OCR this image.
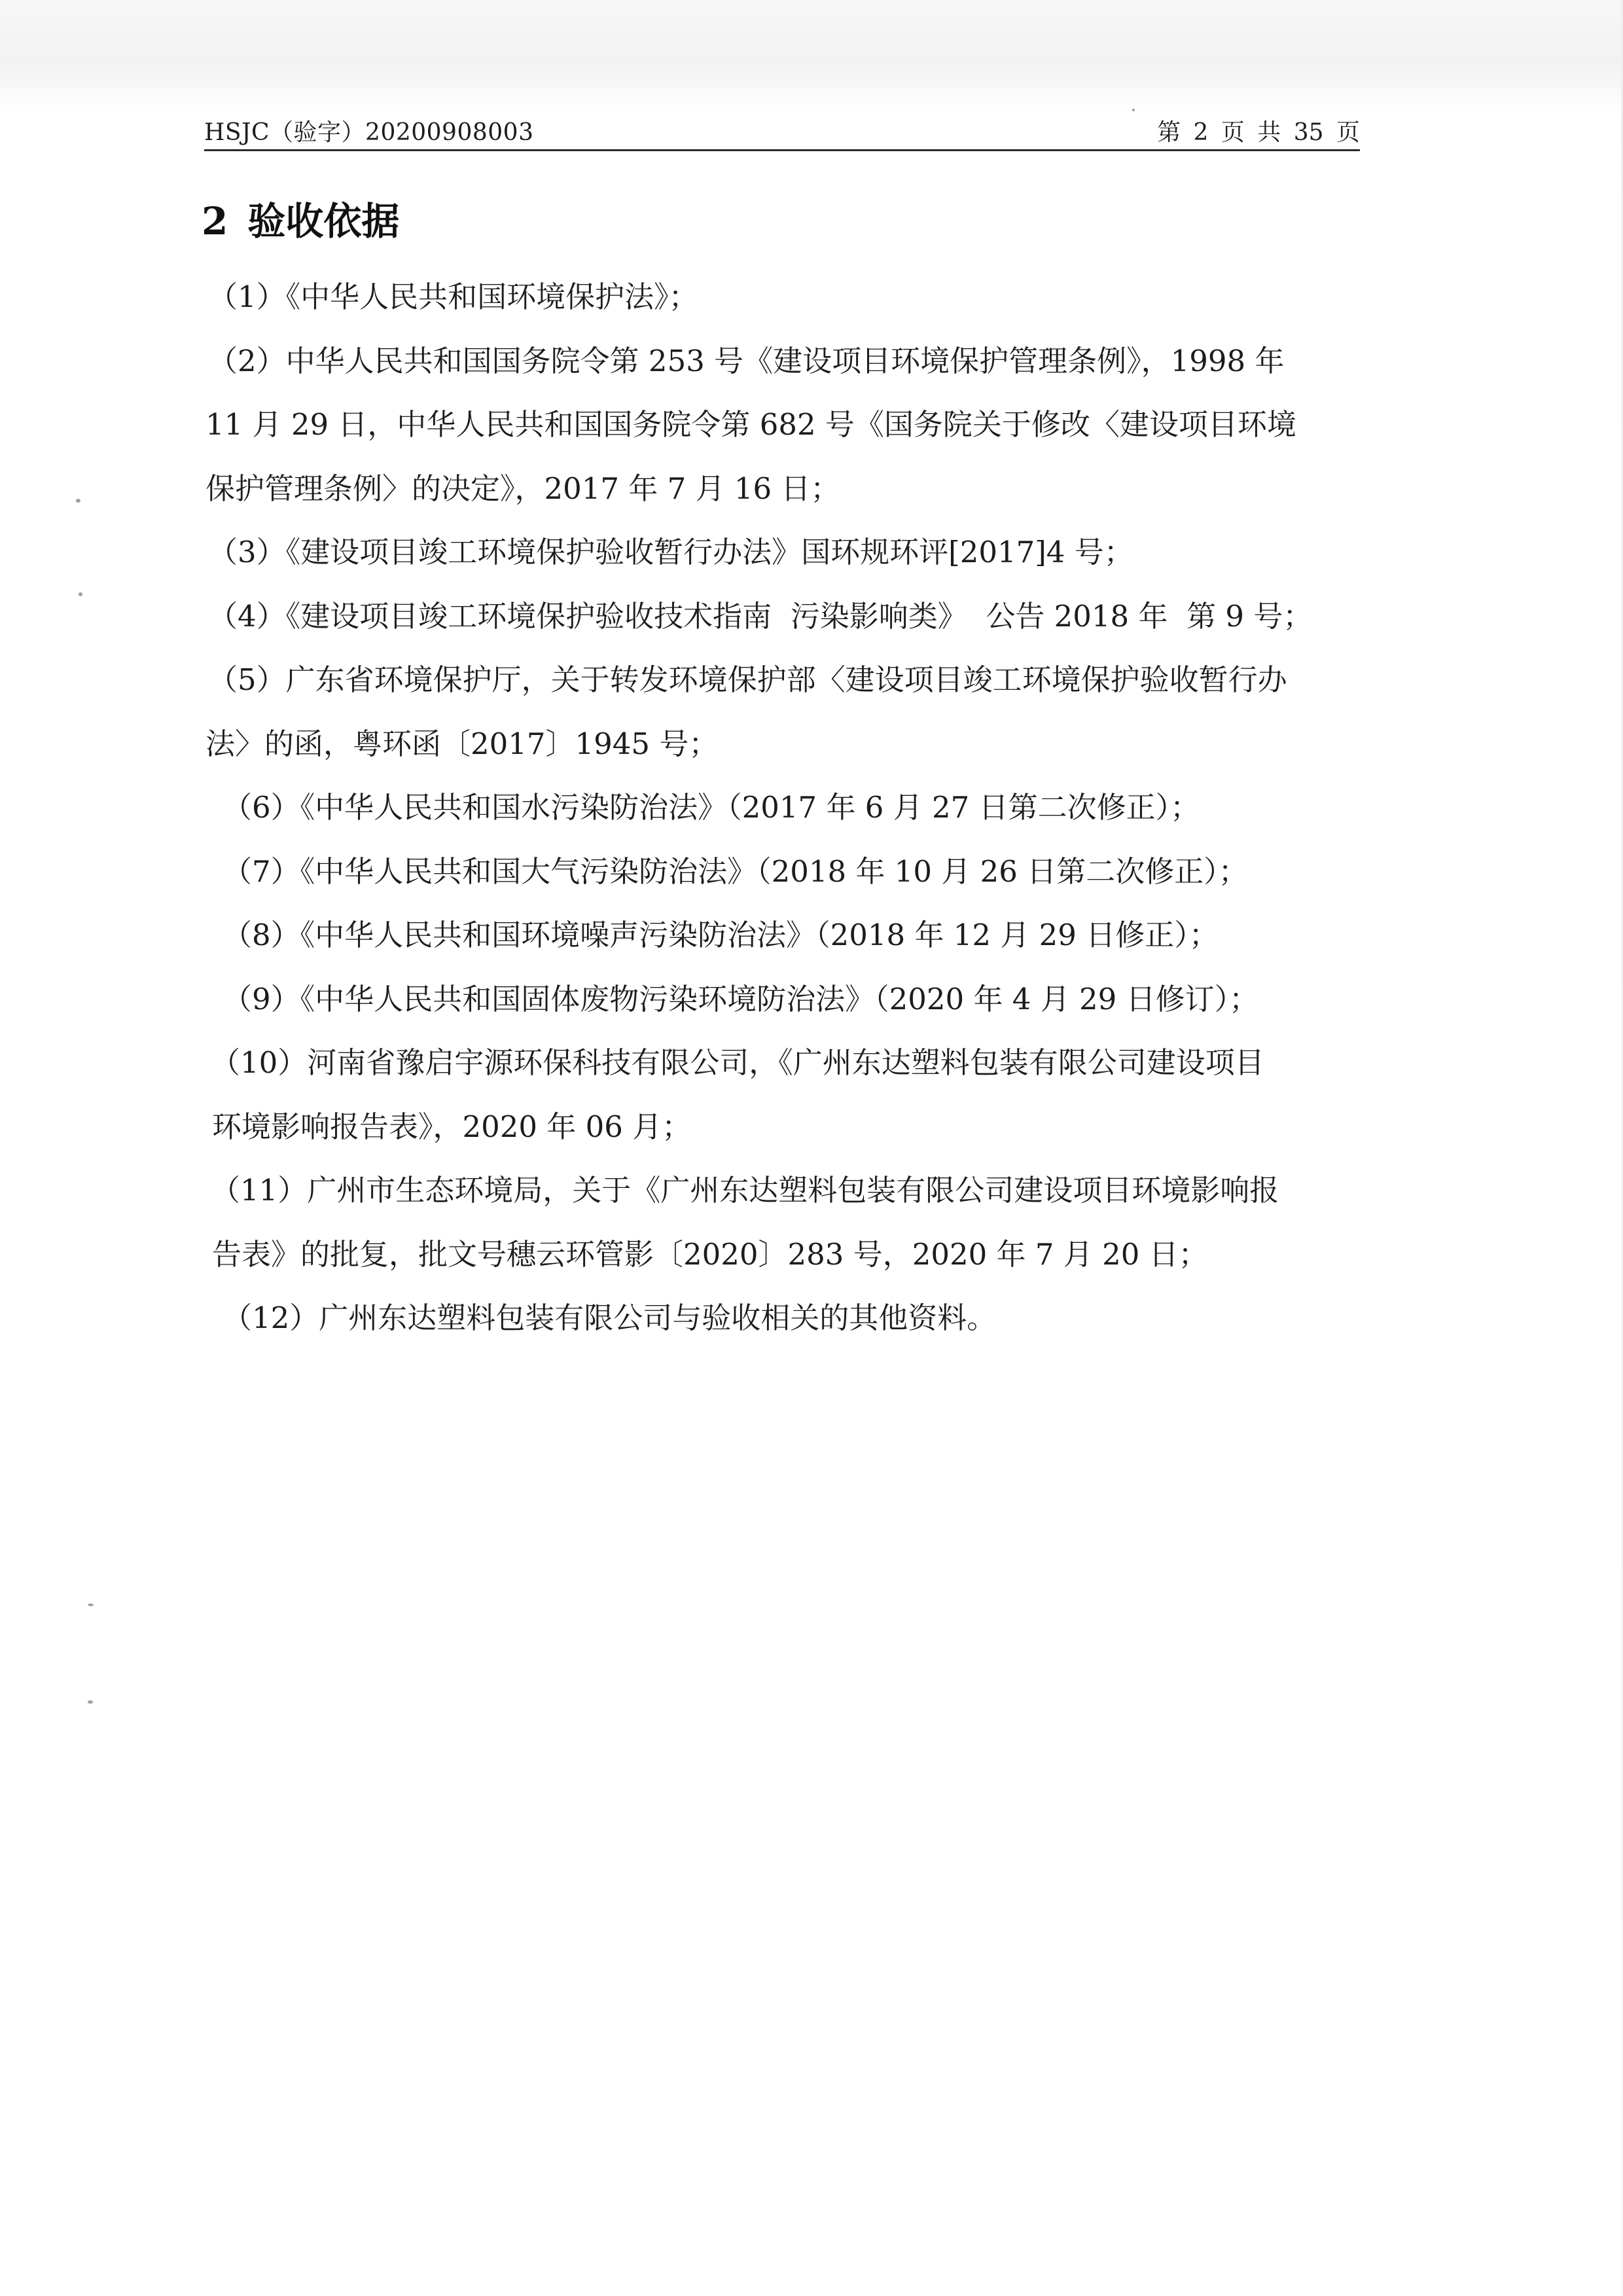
HSJC（验字）20200908003	第 2 页 共 35 页
2 验收依据
（1）《中华人民共和国环境保护法》；
（2）中华人民共和国国务院令第 253 号《建设项目环境保护管理条例》，1998 年
11 月 29 日，中华人民共和国国务院令第 682 号《国务院关于修改〈建设项目环境
保护管理条例〉的决定》，2017 年 7 月 16 日；
（3）《建设项目竣工环境保护验收暂行办法》国环规环评[2017]4 号；
（4）《建设项目竣工环境保护验收技术指南  污染影响类》  公告 2018 年  第 9 号；
（5）广东省环境保护厅，关于转发环境保护部〈建设项目竣工环境保护验收暂行办
法〉的函，粤环函〔2017〕1945 号；
（6）《中华人民共和国水污染防治法》（2017 年 6 月 27 日第二次修正）；
（7）《中华人民共和国大气污染防治法》（2018 年 10 月 26 日第二次修正）；
（8）《中华人民共和国环境噪声污染防治法》（2018 年 12 月 29 日修正）；
（9）《中华人民共和国固体废物污染环境防治法》（2020 年 4 月 29 日修订）；
（10）河南省豫启宇源环保科技有限公司，《广州东达塑料包装有限公司建设项目
环境影响报告表》，2020 年 06 月；
（11）广州市生态环境局，关于《广州东达塑料包装有限公司建设项目环境影响报
告表》的批复，批文号穗云环管影〔2020〕283 号，2020 年 7 月 20 日；
（12）广州东达塑料包装有限公司与验收相关的其他资料。
